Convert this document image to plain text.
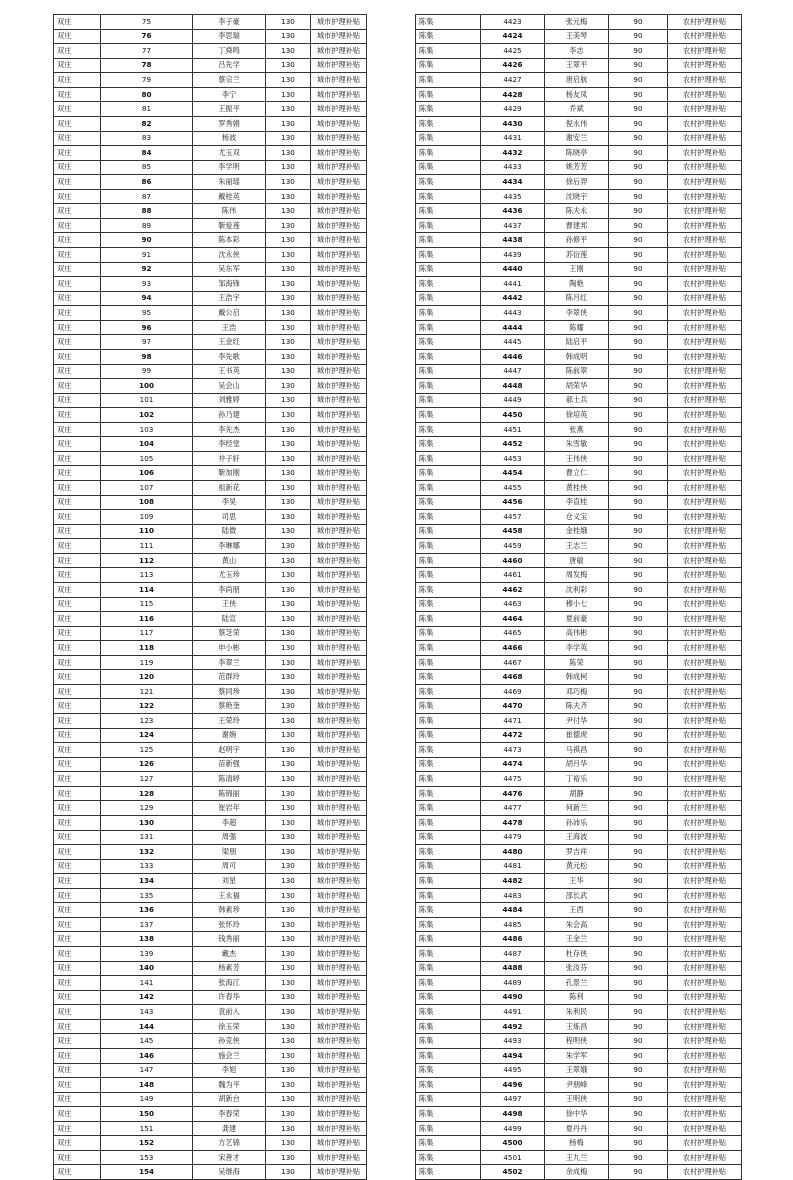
双庄	75	李子豪	130	城市护理补贴
双庄	76	李思瑞	130	城市护理补贴
双庄	77	丁舜鸣	130	城市护理补贴
双庄	78	吕先学	130	城市护理补贴
双庄	79	蔡宗兰	130	城市护理补贴
双庄	80	李宁	130	城市护理补贴
双庄	81	王振平	130	城市护理补贴
双庄	82	罗秀娟	130	城市护理补贴
双庄	83	杨波	130	城市护理补贴
双庄	84	尤玉双	130	城市护理补贴
双庄	85	李学明	130	城市护理补贴
双庄	86	朱丽瑶	130	城市护理补贴
双庄	87	戴桂英	130	城市护理补贴
双庄	88	陈伟	130	城市护理补贴
双庄	89	靳爱莲	130	城市护理补贴
双庄	90	陈本彩	130	城市护理补贴
双庄	91	沈永侠	130	城市护理补贴
双庄	92	吴东军	130	城市护理补贴
双庄	93	邹海锋	130	城市护理补贴
双庄	94	王浩宇	130	城市护理补贴
双庄	95	戴公启	130	城市护理补贴
双庄	96	王浩	130	城市护理补贴
双庄	97	王金红	130	城市护理补贴
双庄	98	李先歌	130	城市护理补贴
双庄	99	王书英	130	城市护理补贴
双庄	100	吴会山	130	城市护理补贴
双庄	101	刘雅婷	130	城市护理补贴
双庄	102	孙乃建	130	城市护理补贴
双庄	103	李先杰	130	城市护理补贴
双庄	104	李经堂	130	城市护理补贴
双庄	105	井子轩	130	城市护理补贴
双庄	106	靳加刚	130	城市护理补贴
双庄	107	祖新花	130	城市护理补贴
双庄	108	李昊	130	城市护理补贴
双庄	109	司思	130	城市护理补贴
双庄	110	陆微	130	城市护理补贴
双庄	111	李琳娜	130	城市护理补贴
双庄	112	黄山	130	城市护理补贴
双庄	113	尤玉珍	130	城市护理补贴
双庄	114	李尚朋	130	城市护理补贴
双庄	115	王侠	130	城市护理补贴
双庄	116	陆宣	130	城市护理补贴
双庄	117	蔡芝荣	130	城市护理补贴
双庄	118	申小彬	130	城市护理补贴
双庄	119	李翠兰	130	城市护理补贴
双庄	120	范群玲	130	城市护理补贴
双庄	121	蔡同珍	130	城市护理补贴
双庄	122	蔡艳奎	130	城市护理补贴
双庄	123	王荣玲	130	城市护理补贴
双庄	124	谢婉	130	城市护理补贴
双庄	125	赵明宇	130	城市护理补贴
双庄	126	苗新强	130	城市护理补贴
双庄	127	陈清婷	130	城市护理补贴
双庄	128	陈锦丽	130	城市护理补贴
双庄	129	崔岩年	130	城市护理补贴
双庄	130	李超	130	城市护理补贴
双庄	131	周强	130	城市护理补贴
双庄	132	梁朋	130	城市护理补贴
双庄	133	周可	130	城市护理补贴
双庄	134	刘星	130	城市护理补贴
双庄	135	王永福	130	城市护理补贴
双庄	136	韩素珍	130	城市护理补贴
双庄	137	张怀玲	130	城市护理补贴
双庄	138	钱秀丽	130	城市护理补贴
双庄	139	戴杰	130	城市护理补贴
双庄	140	杨素芳	130	城市护理补贴
双庄	141	张海江	130	城市护理补贴
双庄	142	许春华	130	城市护理补贴
双庄	143	袁前入	130	城市护理补贴
双庄	144	徐玉荣	130	城市护理补贴
双庄	145	孙克侠	130	城市护理补贴
双庄	146	施会兰	130	城市护理补贴
双庄	147	李旭	130	城市护理补贴
双庄	148	魏为平	130	城市护理补贴
双庄	149	胡新台	130	城市护理补贴
双庄	150	李春荣	130	城市护理补贴
双庄	151	龚建	130	城市护理补贴
双庄	152	方艺锦	130	城市护理补贴
双庄	153	宋善才	130	城市护理补贴
双庄	154	吴继海	130	城市护理补贴
陈集	4423	张元梅	90	农村护理补贴
陈集	4424	王美琴	90	农村护理补贴
陈集	4425	李志	90	农村护理补贴
陈集	4426	王翠平	90	农村护理补贴
陈集	4427	唐启航	90	农村护理补贴
陈集	4428	杨友凤	90	农村护理补贴
陈集	4429	乔斌	90	农村护理补贴
陈集	4430	倪永伟	90	农村护理补贴
陈集	4431	谢安兰	90	农村护理补贴
陈集	4432	陈晓亭	90	农村护理补贴
陈集	4433	姚芳芳	90	农村护理补贴
陈集	4434	徐后羿	90	农村护理补贴
陈集	4435	沈晓宇	90	农村护理补贴
陈集	4436	陈夫永	90	农村护理补贴
陈集	4437	曹建邦	90	农村护理补贴
陈集	4438	孙修平	90	农村护理补贴
陈集	4439	苏衍莲	90	农村护理补贴
陈集	4440	王刚	90	农村护理补贴
陈集	4441	陶艳	90	农村护理补贴
陈集	4442	陈月红	90	农村护理补贴
陈集	4443	李翠侠	90	农村护理补贴
陈集	4444	陈耀	90	农村护理补贴
陈集	4445	陆启平	90	农村护理补贴
陈集	4446	韩成明	90	农村护理补贴
陈集	4447	陈前翠	90	农村护理补贴
陈集	4448	胡荣华	90	农村护理补贴
陈集	4449	郝士兵	90	农村护理补贴
陈集	4450	徐培英	90	农村护理补贴
陈集	4451	张燕	90	农村护理补贴
陈集	4452	朱雪敏	90	农村护理补贴
陈集	4453	王伟侠	90	农村护理补贴
陈集	4454	曹立仁	90	农村护理补贴
陈集	4455	黄桂侠	90	农村护理补贴
陈集	4456	李直桂	90	农村护理补贴
陈集	4457	仓义宝	90	农村护理补贴
陈集	4458	金桂娥	90	农村护理补贴
陈集	4459	王志兰	90	农村护理补贴
陈集	4460	唐敏	90	农村护理补贴
陈集	4461	周发梅	90	农村护理补贴
陈集	4462	沈利彩	90	农村护理补贴
陈集	4463	穆小七	90	农村护理补贴
陈集	4464	夏前豪	90	农村护理补贴
陈集	4465	高伟彬	90	农村护理补贴
陈集	4466	李学英	90	农村护理补贴
陈集	4467	陈荣	90	农村护理补贴
陈集	4468	韩成柯	90	农村护理补贴
陈集	4469	邓巧梅	90	农村护理补贴
陈集	4470	陈夫齐	90	农村护理补贴
陈集	4471	尹付华	90	农村护理补贴
陈集	4472	崔德虎	90	农村护理补贴
陈集	4473	马祺昌	90	农村护理补贴
陈集	4474	胡月华	90	农村护理补贴
陈集	4475	丁裕乐	90	农村护理补贴
陈集	4476	胡静	90	农村护理补贴
陈集	4477	何新兰	90	农村护理补贴
陈集	4478	孙沛乐	90	农村护理补贴
陈集	4479	王海波	90	农村护理补贴
陈集	4480	罗吉祥	90	农村护理补贴
陈集	4481	黄元松	90	农村护理补贴
陈集	4482	王华	90	农村护理补贴
陈集	4483	邵长武	90	农村护理补贴
陈集	4484	王西	90	农村护理补贴
陈集	4485	朱会高	90	农村护理补贴
陈集	4486	王金兰	90	农村护理补贴
陈集	4487	杜存侠	90	农村护理补贴
陈集	4488	张汝芬	90	农村护理补贴
陈集	4489	孔景兰	90	农村护理补贴
陈集	4490	陈利	90	农村护理补贴
陈集	4491	朱利民	90	农村护理补贴
陈集	4492	王炼昌	90	农村护理补贴
陈集	4493	程明侠	90	农村护理补贴
陈集	4494	朱学军	90	农村护理补贴
陈集	4495	王翠娥	90	农村护理补贴
陈集	4496	尹朋峰	90	农村护理补贴
陈集	4497	王明侠	90	农村护理补贴
陈集	4498	徐中华	90	农村护理补贴
陈集	4499	夏丹丹	90	农村护理补贴
陈集	4500	杨梅	90	农村护理补贴
陈集	4501	王九兰	90	农村护理补贴
陈集	4502	余成梅	90	农村护理补贴
